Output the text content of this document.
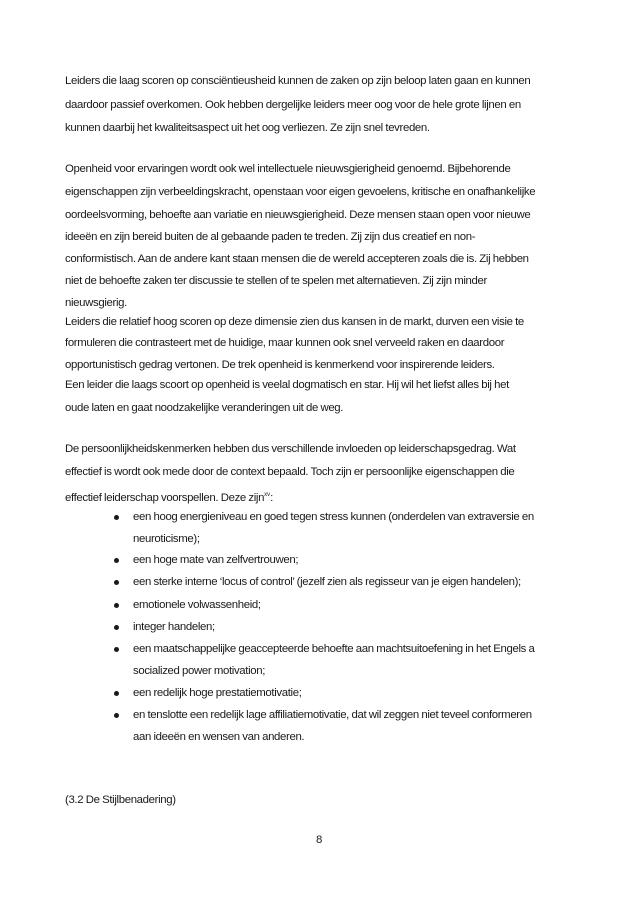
Leiders die laag scoren op consciëntieusheid kunnen de zaken op zijn beloop laten gaan en kunnen
daardoor passief overkomen. Ook hebben dergelijke leiders meer oog voor de hele grote lijnen en
kunnen daarbij het kwaliteitsaspect uit het oog verliezen. Ze zijn snel tevreden.
Openheid voor ervaringen wordt ook wel intellectuele nieuwsgierigheid genoemd. Bijbehorende
eigenschappen zijn verbeeldingskracht, openstaan voor eigen gevoelens, kritische en onafhankelijke
oordeelsvorming, behoefte aan variatie en nieuwsgierigheid. Deze mensen staan open voor nieuwe
ideeën en zijn bereid buiten de al gebaande paden te treden. Zij zijn dus creatief en non-
conformistisch. Aan de andere kant staan mensen die de wereld accepteren zoals die is. Zij hebben
niet de behoefte zaken ter discussie te stellen of te spelen met alternatieven. Zij zijn minder
nieuwsgierig.
Leiders die relatief hoog scoren op deze dimensie zien dus kansen in de markt, durven een visie te
formuleren die contrasteert met de huidige, maar kunnen ook snel verveeld raken en daardoor
opportunistisch gedrag vertonen. De trek openheid is kenmerkend voor inspirerende leiders.
Een leider die laags scoort op openheid is veelal dogmatisch en star. Hij wil het liefst alles bij het
oude laten en gaat noodzakelijke veranderingen uit de weg.
De persoonlijkheidskenmerken hebben dus verschillende invloeden op leiderschapsgedrag. Wat
effectief is wordt ook mede door de context bepaald. Toch zijn er persoonlijke eigenschappen die
effectief leiderschap voorspellen. Deze zijn$^{xv}$:
een hoog energieniveau en goed tegen stress kunnen (onderdelen van extraversie en
neuroticisme);
een hoge mate van zelfvertrouwen;
een sterke interne ‘locus of control’ (jezelf zien als regisseur van je eigen handelen);
emotionele volwassenheid;
integer handelen;
een maatschappelijke geaccepteerde behoefte aan machtsuitoefening in het Engels a
socialized power motivation;
een redelijk hoge prestatiemotivatie;
en tenslotte een redelijk lage affiliatiemotivatie, dat wil zeggen niet teveel conformeren
aan ideeën en wensen van anderen.
(3.2 De Stijlbenadering)
8
